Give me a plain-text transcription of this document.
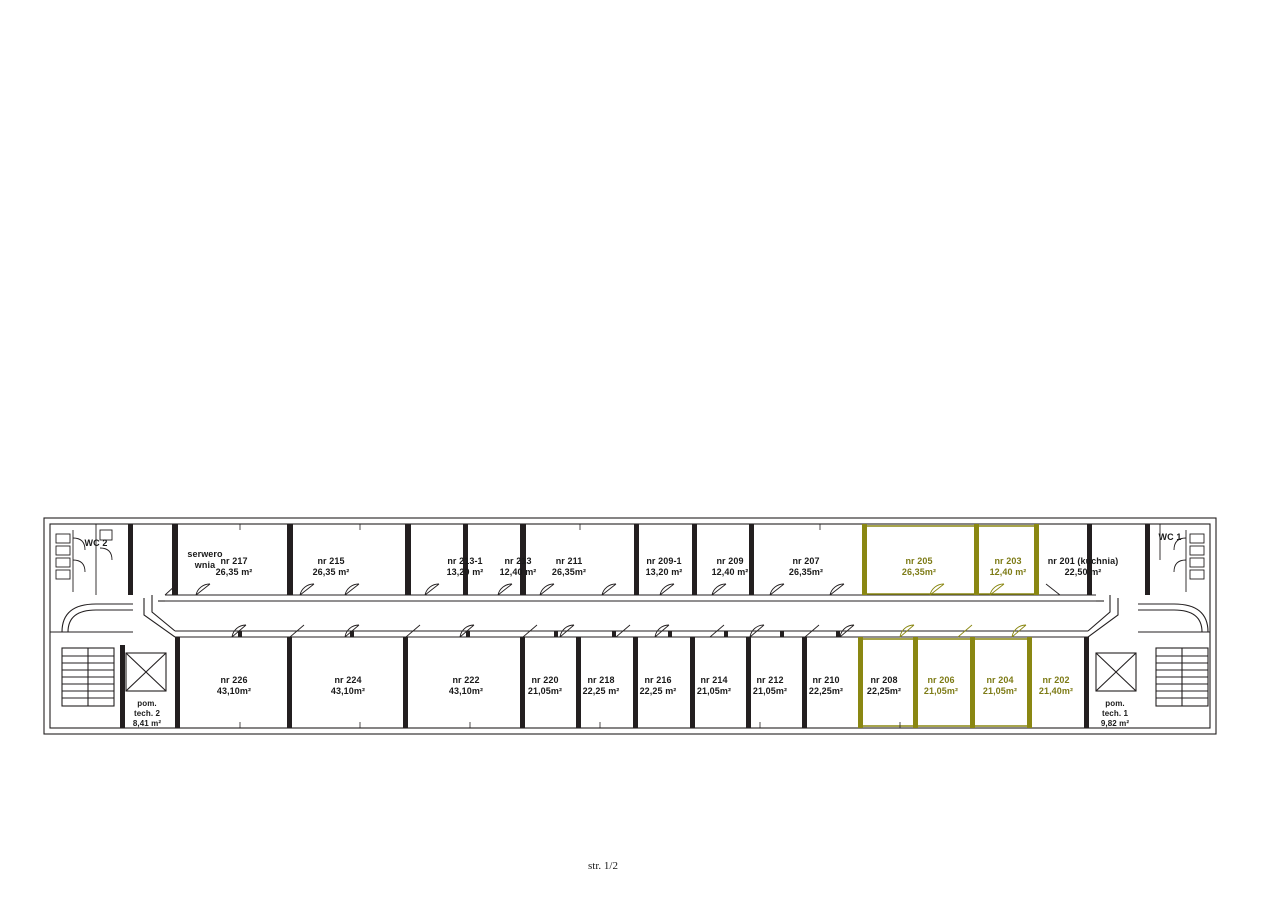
WC 2
serwero
wnia nr 217
26,35 m²
nr 215
26,35 m²
nr 213-1
13,20 m²
nr 213
12,40 m²
nr 211
26,35m²
nr 209-1
13,20 m²
nr 209
12,40 m²
nr 207
26,35m²
nr 205
26,35m²
nr 203
12,40 m²
nr 201 (kuchnia)
22,50 m²
WC 1
pom.
tech. 2
8,41 m²
nr 226
43,10m²
nr 224
43,10m²
nr 222
43,10m²
nr 220
21,05m²
nr 218
22,25 m²
nr 216
22,25 m²
nr 214
21,05m²
nr 212
21,05m²
nr 210
22,25m²
nr 208
22,25m²
nr 206
21,05m²
nr 204
21,05m²
nr 202
21,40m²
pom.
tech. 1
9,82 m²
str. 1/2
